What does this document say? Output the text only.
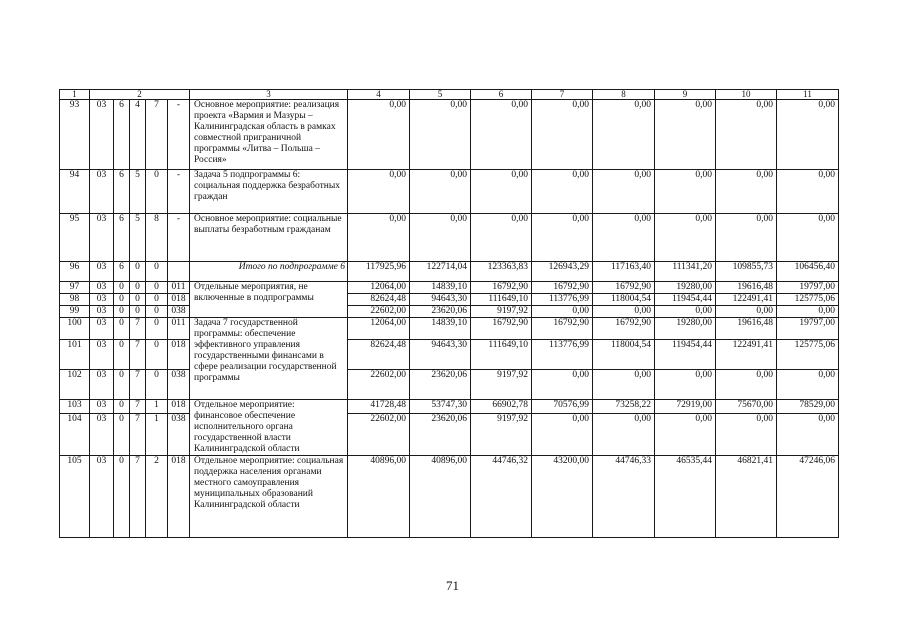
1	2					3	4	5	6	7	8	9	10	11
93	03	6	4	7	-	Основное мероприятие: реализация проекта «Вармия и Мазуры – Калининградская область в рамках совместной приграничной программы «Литва – Польша – Россия»	0,00	0,00	0,00	0,00	0,00	0,00	0,00	0,00
94	03	6	5	0	-	Задача 5 подпрограммы 6: социальная поддержка безработных граждан	0,00	0,00	0,00	0,00	0,00	0,00	0,00	0,00
95	03	6	5	8	-	Основное мероприятие: социальные выплаты безработным гражданам	0,00	0,00	0,00	0,00	0,00	0,00	0,00	0,00
96	03	6	0	0		Итого по подпрограмме 6	117925,96	122714,04	123363,83	126943,29	117163,40	111341,20	109855,73	106456,40
97	03	0	0	0	011	Отдельные мероприятия, не включенные в подпрограммы	12064,00	14839,10	16792,90	16792,90	16792,90	19280,00	19616,48	19797,00
98	03	0	0	0	018		82624,48	94643,30	111649,10	113776,99	118004,54	119454,44	122491,41	125775,06
99	03	0	0	0	038		22602,00	23620,06	9197,92	0,00	0,00	0,00	0,00	0,00
100	03	0	7	0	011	Задача 7 государственной программы: обеспечение эффективного управления государственными финансами в сфере реализации государственной программы	12064,00	14839,10	16792,90	16792,90	16792,90	19280,00	19616,48	19797,00
101	03	0	7	0	018		82624,48	94643,30	111649,10	113776,99	118004,54	119454,44	122491,41	125775,06
102	03	0	7	0	038		22602,00	23620,06	9197,92	0,00	0,00	0,00	0,00	0,00
103	03	0	7	1	018	Отдельное мероприятие: финансовое обеспечение исполнительного органа государственной власти Калининградской области	41728,48	53747,30	66902,78	70576,99	73258,22	72919,00	75670,00	78529,00
104	03	0	7	1	038		22602,00	23620,06	9197,92	0,00	0,00	0,00	0,00	0,00
105	03	0	7	2	018	Отдельное мероприятие: социальная поддержка населения органами местного самоуправления муниципальных образований Калининградской области	40896,00	40896,00	44746,32	43200,00	44746,33	46535,44	46821,41	47246,06
71
